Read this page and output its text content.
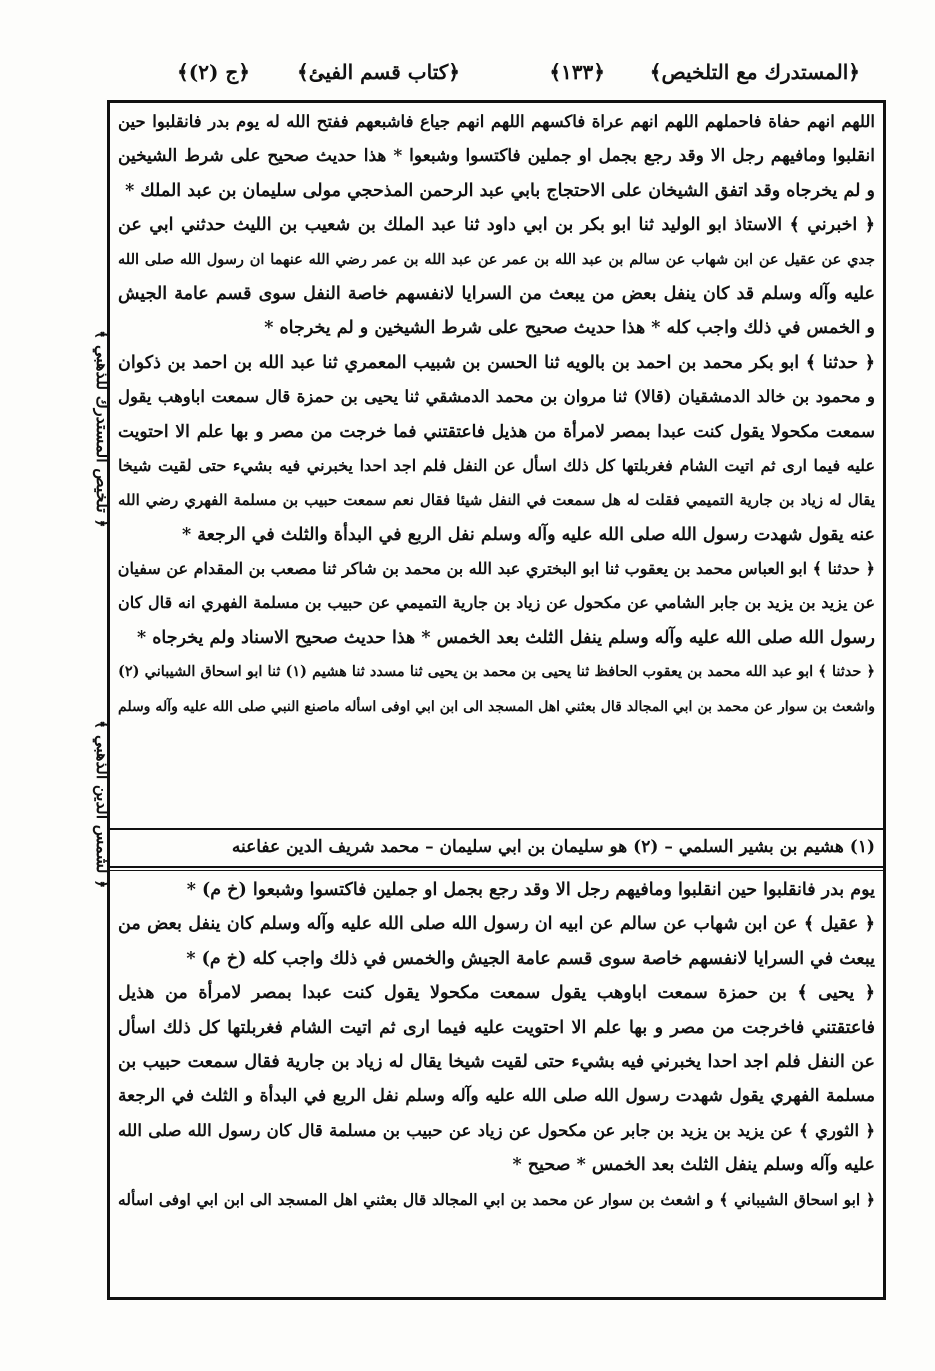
﴿المستدرك مع التلخيص﴾
﴿١٣٣﴾
﴿كتاب قسم الفيئ﴾
﴿ج (٢)﴾
﴿ تلخيص المستدرك للذهبي ﴾
﴿ لشمس الدين الذهبي ﴾
اللهم انهم حفاة فاحملهم اللهم انهم عراة فاكسهم اللهم انهم جياع فاشبعهم ففتح الله له يوم بدر فانقلبوا حين
انقلبوا ومافيهم رجل الا وقد رجع بجمل او جملين فاكتسوا وشبعوا * هذا حديث صحيح على شرط الشيخين
و لم يخرجاه وقد اتفق الشيخان على الاحتجاج بابي عبد الرحمن المذحجي مولى سليمان بن عبد الملك *
﴿ اخبرني ﴾ الاستاذ ابو الوليد ثنا ابو بكر بن ابي داود ثنا عبد الملك بن شعيب بن الليث حدثني ابي عن
جدي عن عقيل عن ابن شهاب عن سالم بن عبد الله بن عمر عن عبد الله بن عمر رضي الله عنهما ان رسول الله صلى الله
عليه وآله وسلم قد كان ينفل بعض من يبعث من السرايا لانفسهم خاصة النفل سوى قسم عامة الجيش
و الخمس في ذلك واجب كله * هذا حديث صحيح على شرط الشيخين و لم يخرجاه *
﴿ حدثنا ﴾ ابو بكر محمد بن احمد بن بالويه ثنا الحسن بن شبيب المعمري ثنا عبد الله بن احمد بن ذكوان
و محمود بن خالد الدمشقيان (قالا) ثنا مروان بن محمد الدمشقي ثنا يحيى بن حمزة قال سمعت اباوهب يقول
سمعت مكحولا يقول كنت عبدا بمصر لامرأة من هذيل فاعتقتني فما خرجت من مصر و بها علم الا احتويت
عليه فيما ارى ثم اتيت الشام فغربلتها كل ذلك اسأل عن النفل فلم اجد احدا يخبرني فيه بشيء حتى لقيت شيخا
يقال له زياد بن جارية التميمي فقلت له هل سمعت في النفل شيئا فقال نعم سمعت حبيب بن مسلمة الفهري رضي الله
عنه يقول شهدت رسول الله صلى الله عليه وآله وسلم نفل الربع في البدأة والثلث في الرجعة *
﴿ حدثنا ﴾ ابو العباس محمد بن يعقوب ثنا ابو البختري عبد الله بن محمد بن شاكر ثنا مصعب بن المقدام عن سفيان
عن يزيد بن يزيد بن جابر الشامي عن مكحول عن زياد بن جارية التميمي عن حبيب بن مسلمة الفهري انه قال كان
رسول الله صلى الله عليه وآله وسلم ينفل الثلث بعد الخمس * هذا حديث صحيح الاسناد ولم يخرجاه *
﴿ حدثنا ﴾ ابو عبد الله محمد بن يعقوب الحافظ ثنا يحيى بن محمد بن يحيى ثنا مسدد ثنا هشيم (١) ثنا ابو اسحاق الشيباني (٢)
واشعث بن سوار عن محمد بن ابي المجالد قال بعثني اهل المسجد الى ابن ابي اوفى اسأله ماصنع النبي صلى الله عليه وآله وسلم
(١) هشيم بن بشير السلمي – (٢) هو سليمان بن ابي سليمان – محمد شريف الدين عفاعنه
يوم بدر فانقلبوا حين انقلبوا ومافيهم رجل الا وقد رجع بجمل او جملين فاكتسوا وشبعوا (خ م) *
﴿ عقيل ﴾ عن ابن شهاب عن سالم عن ابيه ان رسول الله صلى الله عليه وآله وسلم كان ينفل بعض من
يبعث في السرايا لانفسهم خاصة سوى قسم عامة الجيش والخمس في ذلك واجب كله (خ م) *
﴿ يحيى ﴾ بن حمزة سمعت اباوهب يقول سمعت مكحولا يقول كنت عبدا بمصر لامرأة من هذيل
فاعتقتني فاخرجت من مصر و بها علم الا احتويت عليه فيما ارى ثم اتيت الشام فغربلتها كل ذلك اسأل
عن النفل فلم اجد احدا يخبرني فيه بشيء حتى لقيت شيخا يقال له زياد بن جارية فقال سمعت حبيب بن
مسلمة الفهري يقول شهدت رسول الله صلى الله عليه وآله وسلم نفل الربع في البدأة و الثلث في الرجعة
﴿ الثوري ﴾ عن يزيد بن يزيد بن جابر عن مكحول عن زياد عن حبيب بن مسلمة قال كان رسول الله صلى الله
عليه وآله وسلم ينفل الثلث بعد الخمس * صحيح *
﴿ ابو اسحاق الشيباني ﴾ و اشعث بن سوار عن محمد بن ابي المجالد قال بعثني اهل المسجد الى ابن ابي اوفى اسأله
